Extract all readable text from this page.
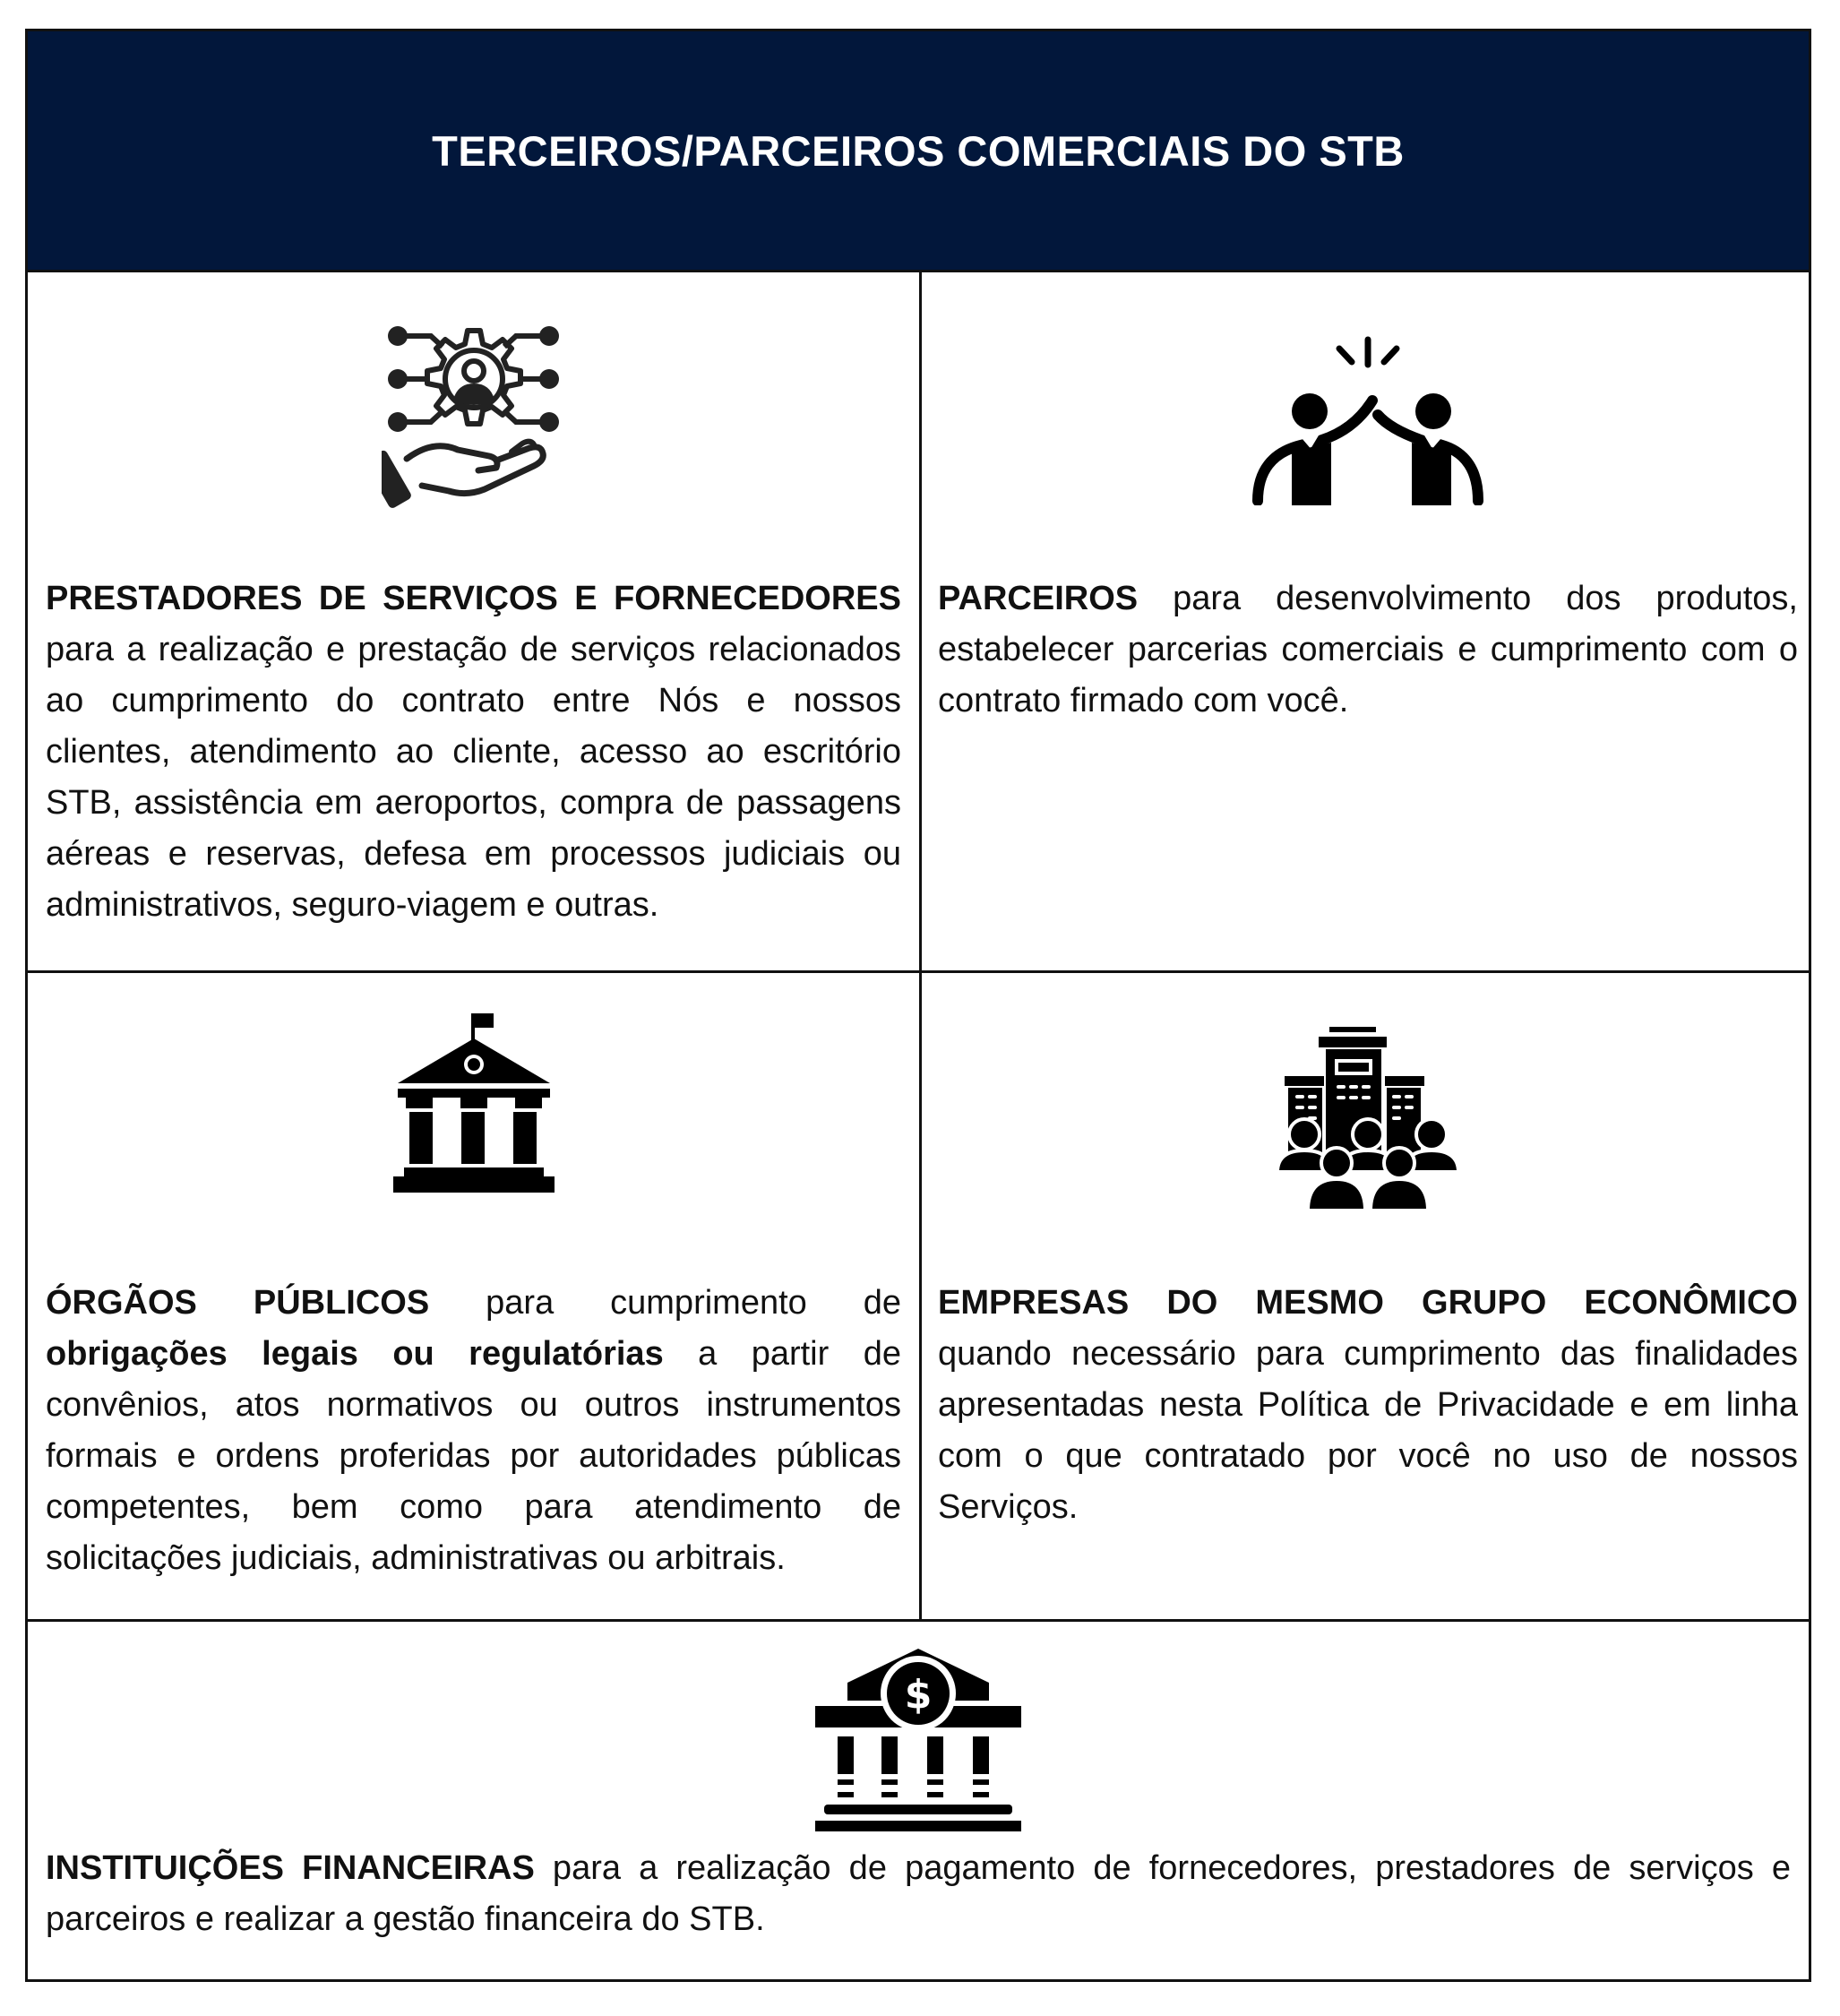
TERCEIROS/PARCEIROS COMERCIAIS DO STB
PRESTADORES DE SERVIÇOS E FORNECEDORES para a realização e prestação de serviços relacionados ao cumprimento do contrato entre Nós e nossos clientes, atendimento ao cliente, acesso ao escritório STB, assistência em aeroportos, compra de passagens aéreas e reservas, defesa em processos judiciais ou administrativos, seguro-viagem e outras.
PARCEIROS para desenvolvimento dos produtos, estabelecer parcerias comerciais e cumprimento com o contrato firmado com você.
ÓRGÃOS PÚBLICOS para cumprimento de obrigações legais ou regulatórias a partir de convênios, atos normativos ou outros instrumentos formais e ordens proferidas por autoridades públicas competentes, bem como para atendimento de solicitações judiciais, administrativas ou arbitrais.
EMPRESAS DO MESMO GRUPO ECONÔMICO quando necessário para cumprimento das finalidades apresentadas nesta Política de Privacidade e em linha com o que contratado por você no uso de nossos Serviços.
$
INSTITUIÇÕES FINANCEIRAS para a realização de pagamento de fornecedores, prestadores de serviços e parceiros e realizar a gestão financeira do STB.
